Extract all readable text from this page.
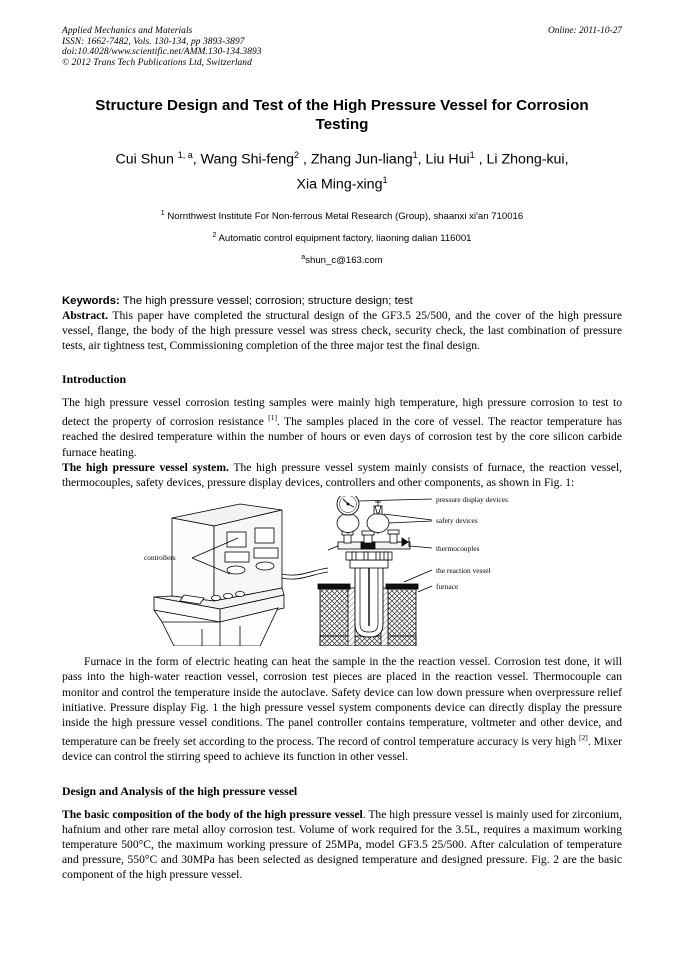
Applied Mechanics and Materials
ISSN: 1662-7482, Vols. 130-134, pp 3893-3897
doi:10.4028/www.scientific.net/AMM.130-134.3893
© 2012 Trans Tech Publications Ltd, Switzerland
Online: 2011-10-27
Structure Design and Test of the High Pressure Vessel for Corrosion Testing
Cui Shun $^{1, a}$, Wang Shi-feng$^2$ , Zhang Jun-liang$^1$, Liu Hui$^1$ , Li Zhong-kui,
Xia Ming-xing$^1$
$^1$ Nornthwest Institute For Non-ferrous Metal Research (Group), shaanxi xi'an 710016
$^2$ Automatic control equipment factory, liaoning dalian 116001
$^a$shun_c@163.com
Keywords: The high pressure vessel; corrosion; structure design; test

Abstract. This paper have completed the structural design of the GF3.5 25/500, and the cover of the high pressure vessel, flange, the body of the high pressure vessel was stress check, security check, the last combination of pressure tests, air tightness test, Commissioning completion of the three major test the final design.

Introduction

The high pressure vessel corrosion testing samples were mainly high temperature, high pressure corrosion to test to detect the property of corrosion resistance [1]. The samples placed in the core of vessel. The reactor temperature has reached the desired temperature within the number of hours or even days of corrosion test by the core silicon carbide furnace heating.

The high pressure vessel system. The high pressure vessel system mainly consists of furnace, the reaction vessel, thermocouples, safety devices, pressure display devices, controllers and other components, as shown in Fig. 1:

controllers
pressure display devices
safety devices
thermocouples
the reaction vessel
furnace

Furnace in the form of electric heating can heat the sample in the the reaction vessel. Corrosion test done, it will pass into the high-water reaction vessel, corrosion test pieces are placed in the reaction vessel. Thermocouple can monitor and control the temperature inside the autoclave. Safety device can low down pressure when overpressure relief initiative. Pressure display Fig. 1 the high pressure vessel system components device can directly display the pressure inside the high pressure vessel conditions. The panel controller contains temperature, voltmeter and other device, and temperature can be freely set according to the process. The record of control temperature accuracy is very high [2]. Mixer device can control the stirring speed to achieve its function in other vessel.

Design and Analysis of the high pressure vessel

The basic composition of the body of the high pressure vessel. The high pressure vessel is mainly used for zirconium, hafnium and other rare metal alloy corrosion test. Volume of work required for the 3.5L, requires a maximum working temperature 500°C, the maximum working pressure of 25MPa, model GF3.5 25/500. After calculation of temperature and pressure, 550°C and 30MPa has been selected as designed temperature and designed pressure. Fig. 2 are the basic component of the high pressure vessel.
